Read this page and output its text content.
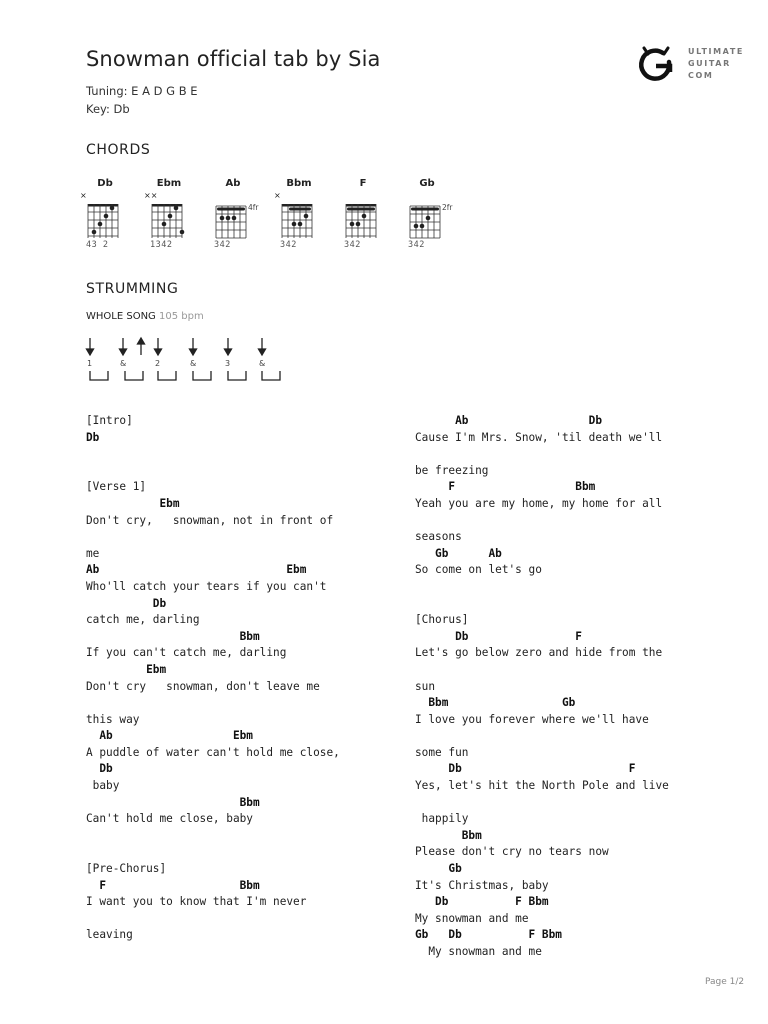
Snowman official tab by Sia
Tuning: E A D G B E
Key: Db
ULTIMATE
GUITAR
COM
CHORDS
Db
×
43 2
Ebm
××
1342
Ab
4fr
342
Bbm
×
342
F
342
Gb
2fr
342
STRUMMING
WHOLE SONG 105 bpm
1	&	2	&	3	&
[Intro]
Db
[Verse 1]
Ebm
Don't cry,   snowman, not in front of
me
Ab                            Ebm
Who'll catch your tears if you can't
Db
catch me, darling
Bbm
If you can't catch me, darling
Ebm
Don't cry   snowman, don't leave me
this way
Ab                  Ebm
A puddle of water can't hold me close,
Db
baby
Bbm
Can't hold me close, baby
[Pre-Chorus]
F                    Bbm
I want you to know that I'm never
leaving
Ab                  Db
Cause I'm Mrs. Snow, 'til death we'll
be freezing
F                  Bbm
Yeah you are my home, my home for all
seasons
Gb      Ab
So come on let's go
[Chorus]
Db                F
Let's go below zero and hide from the
sun
Bbm                 Gb
I love you forever where we'll have
some fun
Db                         F
Yes, let's hit the North Pole and live
happily
Bbm
Please don't cry no tears now
Gb
It's Christmas, baby
Db          F Bbm
My snowman and me
Gb   Db          F Bbm
My snowman and me
Page 1/2
